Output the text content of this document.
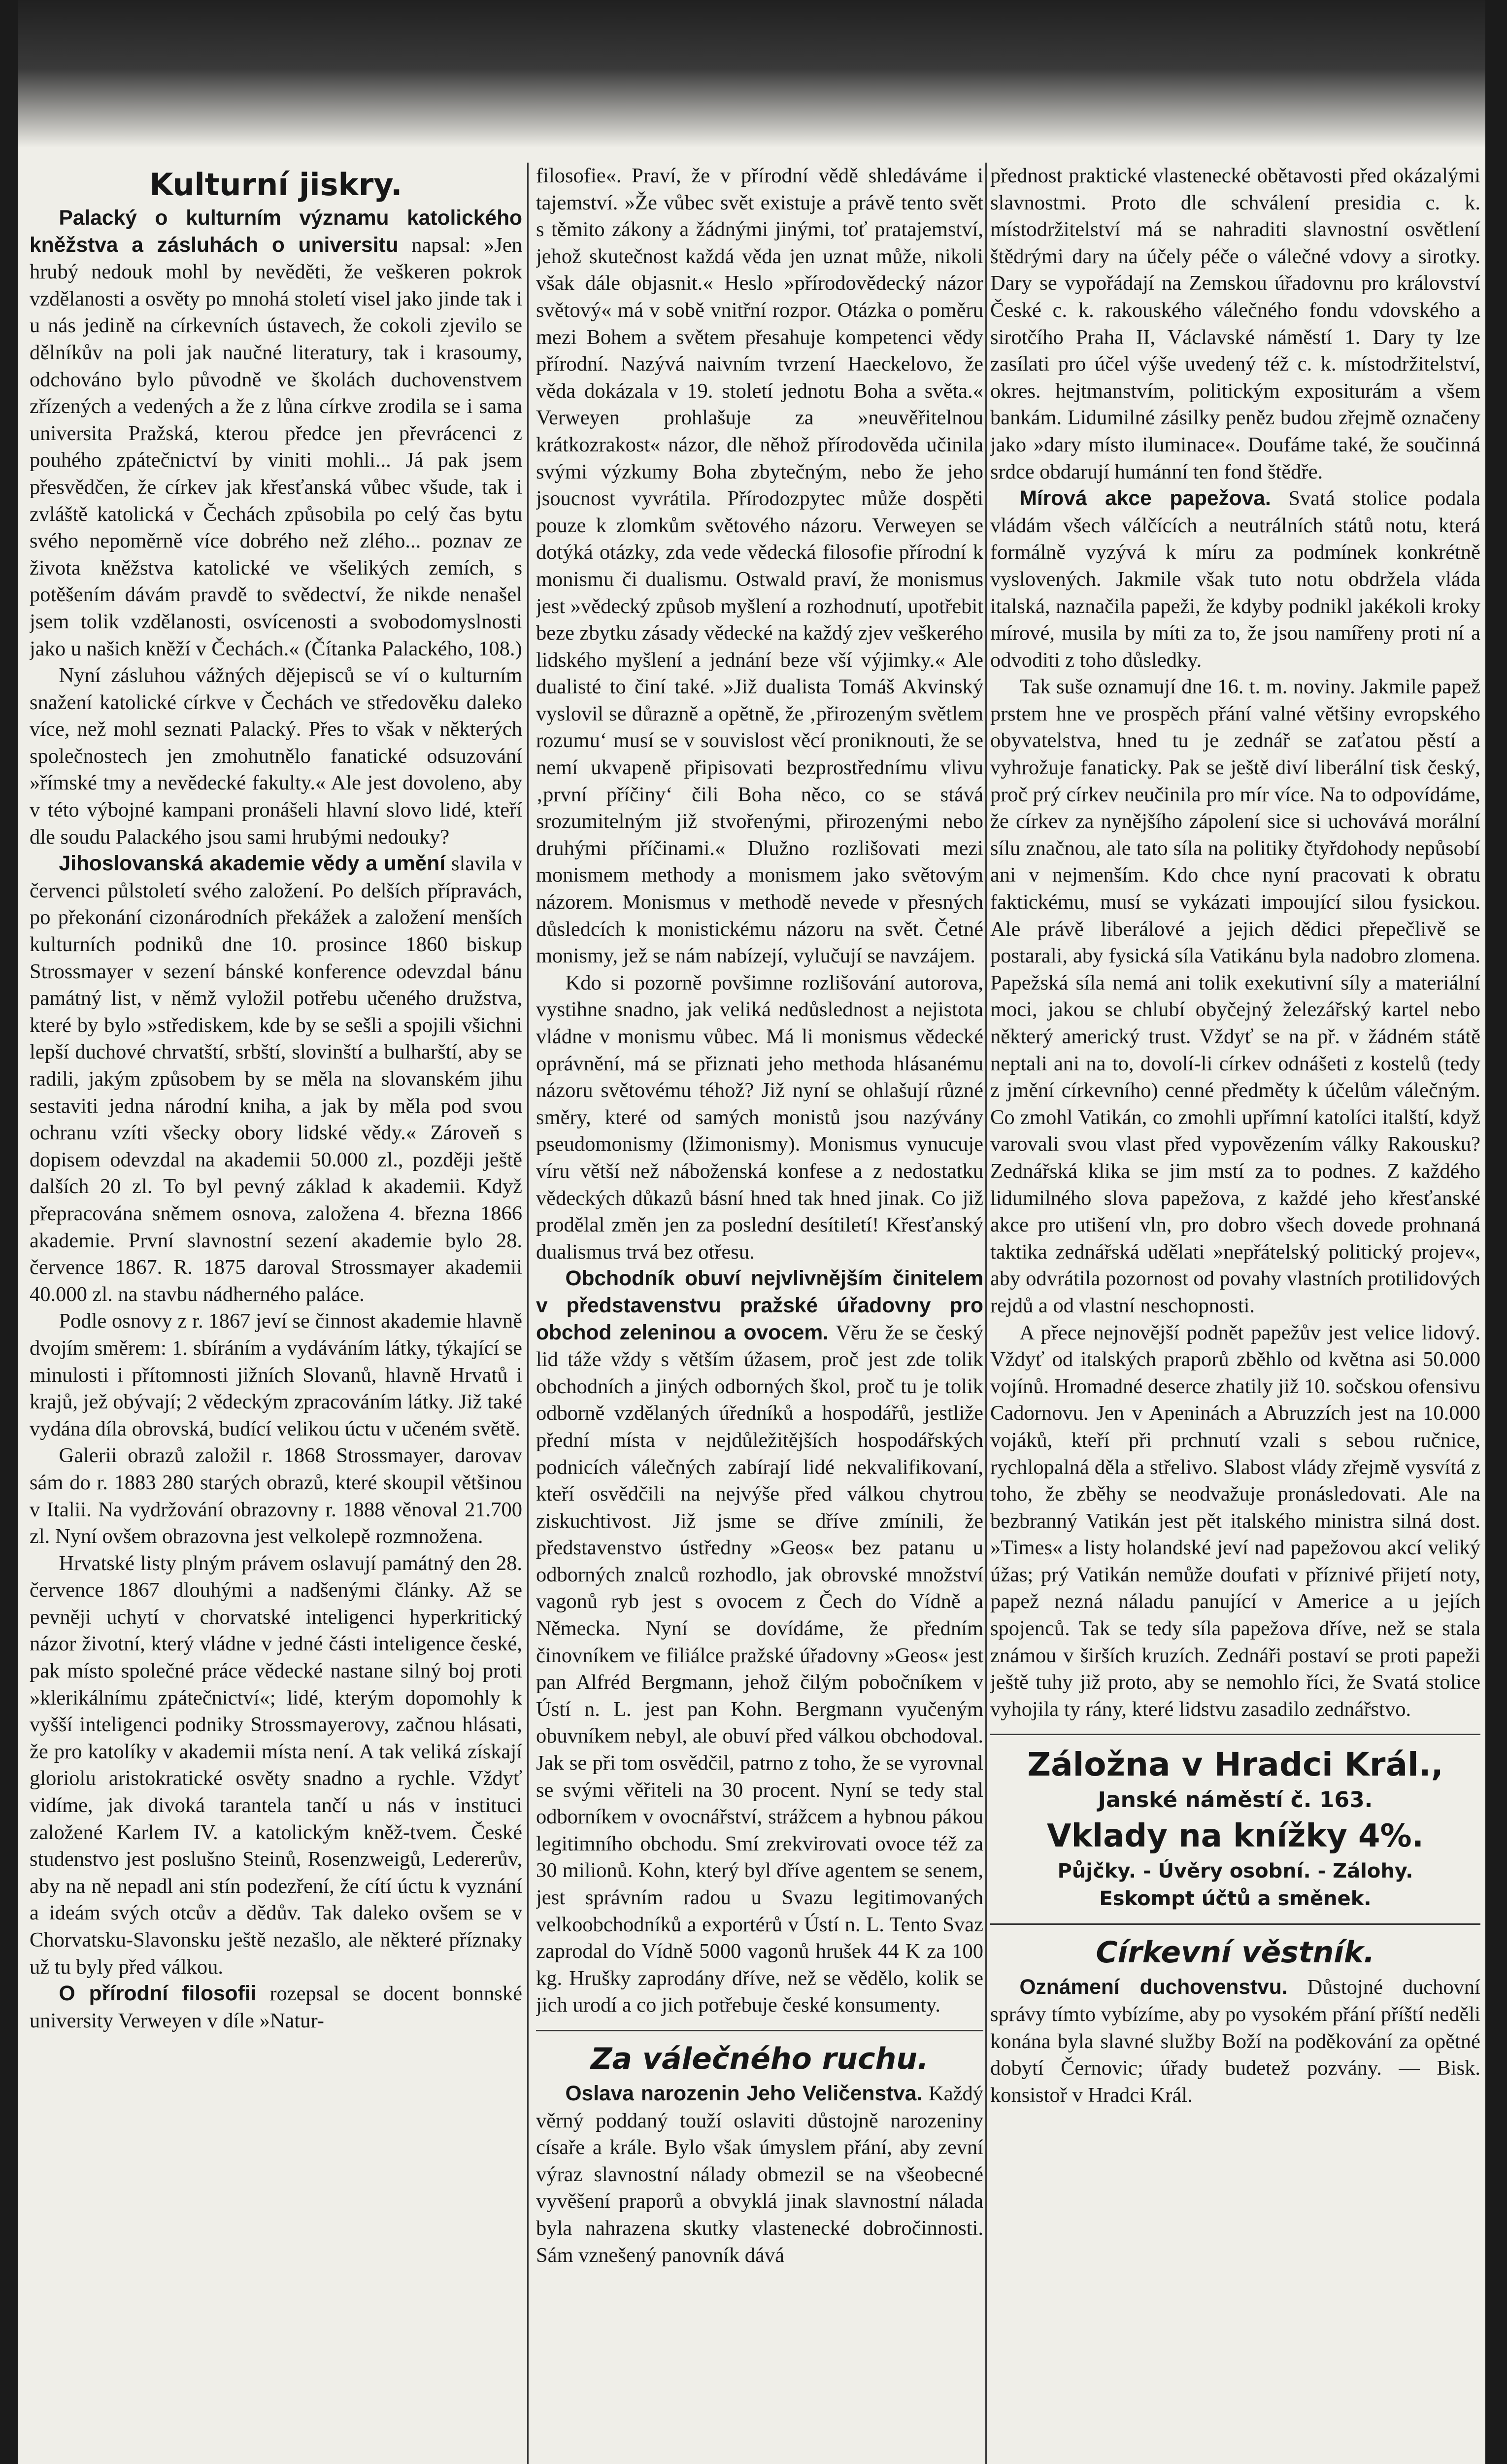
Kulturní jiskry.

Palacký o kulturním významu katolického kněžstva a zásluhách o universitu napsal: »Jen hrubý nedouk mohl by nevěděti, že veškeren pokrok vzdělanosti a osvěty po mnohá století visel jako jinde tak i u nás jedině na církevních ústavech, že cokoli zjevilo se dělníkův na poli jak naučné literatury, tak i krasoumy, odchováno bylo původně ve školách duchovenstvem zřízených a vedených a že z lůna církve zrodila se i sama universita Pražská, kterou předce jen převrácenci z pouhého zpátečnictví by viniti mohli... Já pak jsem přesvědčen, že církev jak křesťanská vůbec všude, tak i zvláště katolická v Čechách způsobila po celý čas bytu svého nepoměrně více dobrého než zlého... poznav ze života kněžstva katolické ve všelikých zemích, s potěšením dávám pravdě to svědectví, že nikde nenašel jsem tolik vzdělanosti, osvícenosti a svobodomyslnosti jako u našich kněží v Čechách.« (Čítanka Palackého, 108.)

Nyní zásluhou vážných dějepisců se ví o kulturním snažení katolické církve v Čechách ve středověku daleko více, než mohl seznati Palacký. Přes to však v některých společnostech jen zmohutnělo fanatické odsuzování »římské tmy a nevědecké fakulty.« Ale jest dovoleno, aby v této výbojné kampani pronášeli hlavní slovo lidé, kteří dle soudu Palackého jsou sami hrubými nedouky?

Jihoslovanská akademie vědy a umění slavila v červenci půlstoletí svého založení. Po delších přípravách, po překonání cizonárodních překážek a založení menších kulturních podniků dne 10. prosince 1860 biskup Strossmayer v sezení bánské konference odevzdal bánu památný list, v němž vyložil potřebu učeného družstva, které by bylo »střediskem, kde by se sešli a spojili všichni lepší duchové chrvatští, srbští, slovinští a bulharští, aby se radili, jakým způsobem by se měla na slovanském jihu sestaviti jedna národní kniha, a jak by měla pod svou ochranu vzíti všecky obory lidské vědy.« Zároveň s dopisem odevzdal na akademii 50.000 zl., později ještě dalších 20 zl. To byl pevný základ k akademii. Když přepracována sněmem osnova, založena 4. března 1866 akademie. První slavnostní sezení akademie bylo 28. července 1867. R. 1875 daroval Strossmayer akademii 40.000 zl. na stavbu nádherného paláce.

Podle osnovy z r. 1867 jeví se činnost akademie hlavně dvojím směrem: 1. sbíráním a vydáváním látky, týkající se minulosti i přítomnosti jižních Slovanů, hlavně Hrvatů i krajů, jež obývají; 2 vědeckým zpracováním látky. Již také vydána díla obrovská, budící velikou úctu v učeném světě.

Galerii obrazů založil r. 1868 Strossmayer, darovav sám do r. 1883 280 starých obrazů, které skoupil většinou v Italii. Na vydržování obrazovny r. 1888 věnoval 21.700 zl. Nyní ovšem obrazovna jest velkolepě rozmnožena.

Hrvatské listy plným právem oslavují památný den 28. července 1867 dlouhými a nadšenými články. Až se pevněji uchytí v chorvatské inteligenci hyperkritický názor životní, který vládne v jedné části inteligence české, pak místo společné práce vědecké nastane silný boj proti »klerikálnímu zpátečnictví«; lidé, kterým dopomohly k vyšší inteligenci podniky Strossmayerovy, začnou hlásati, že pro katolíky v akademii místa není. A tak veliká získají gloriolu aristokratické osvěty snadno a rychle. Vždyť vidíme, jak divoká tarantela tančí u nás v instituci založené Karlem IV. a katolickým kněž-tvem. České studenstvo jest poslušno Steinů, Rosenzweigů, Ledererův, aby na ně nepadl ani stín podezření, že cítí úctu k vyznání a ideám svých otcův a dědův. Tak daleko ovšem se v Chorvatsku-Slavonsku ještě nezašlo, ale některé příznaky už tu byly před válkou.

O přírodní filosofii rozepsal se docent bonnské university Verweyen v díle »Natur-

filosofie«. Praví, že v přírodní vědě shledáváme i tajemství. »Že vůbec svět existuje a právě tento svět s těmito zákony a žádnými jinými, toť pratajemství, jehož skutečnost každá věda jen uznat může, nikoli však dále objasnit.« Heslo »přírodovědecký názor světový« má v sobě vnitřní rozpor. Otázka o poměru mezi Bohem a světem přesahuje kompetenci vědy přírodní. Nazývá naivním tvrzení Haeckelovo, že věda dokázala v 19. století jednotu Boha a světa.« Verweyen prohlašuje za »neuvěřitelnou krátkozrakost« názor, dle něhož přírodověda učinila svými výzkumy Boha zbytečným, nebo že jeho jsoucnost vyvrátila. Přírodozpytec může dospěti pouze k zlomkům světového názoru. Verweyen se dotýká otázky, zda vede vědecká filosofie přírodní k monismu či dualismu. Ostwald praví, že monismus jest »vědecký způsob myšlení a rozhodnutí, upotřebit beze zbytku zásady vědecké na každý zjev veškerého lidského myšlení a jednání beze vší výjimky.« Ale dualisté to činí také. »Již dualista Tomáš Akvinský vyslovil se důrazně a opětně, že ‚přirozeným světlem rozumu‘ musí se v souvislost věcí proniknouti, že se nemí ukvapeně připisovati bezprostřednímu vlivu ‚první příčiny‘ čili Boha něco, co se stává srozumitelným již stvořenými, přirozenými nebo druhými příčinami.« Dlužno rozlišovati mezi monismem methody a monismem jako světovým názorem. Monismus v methodě nevede v přesných důsledcích k monistickému názoru na svět. Četné monismy, jež se nám nabízejí, vylučují se navzájem.

Kdo si pozorně povšimne rozlišování autorova, vystihne snadno, jak veliká nedůslednost a nejistota vládne v monismu vůbec. Má li monismus vědecké oprávnění, má se přiznati jeho methoda hlásanému názoru světovému téhož? Již nyní se ohlašují různé směry, které od samých monistů jsou nazývány pseudomonismy (lžimonismy). Monismus vynucuje víru větší než náboženská konfese a z nedostatku vědeckých důkazů básní hned tak hned jinak. Co již prodělal změn jen za poslední desítiletí! Křesťanský dualismus trvá bez otřesu.

Obchodník obuví nejvlivnějším činitelem v představenstvu pražské úřadovny pro obchod zeleninou a ovocem. Věru že se český lid táže vždy s větším úžasem, proč jest zde tolik obchodních a jiných odborných škol, proč tu je tolik odborně vzdělaných úředníků a hospodářů, jestliže přední místa v nejdůležitějších hospodářských podnicích válečných zabírají lidé nekvalifikovaní, kteří osvědčili na nejvýše před válkou chytrou ziskuchtivost. Již jsme se dříve zmínili, že představenstvo ústředny »Geos« bez patanu u odborných znalců rozhodlo, jak obrovské množství vagonů ryb jest s ovocem z Čech do Vídně a Německa. Nyní se dovídáme, že předním činovníkem ve filiálce pražské úřadovny »Geos« jest pan Alfréd Bergmann, jehož čilým pobočníkem v Ústí n. L. jest pan Kohn. Bergmann vyučeným obuvníkem nebyl, ale obuví před válkou obchodoval. Jak se při tom osvědčil, patrno z toho, že se vyrovnal se svými věřiteli na 30 procent. Nyní se tedy stal odborníkem v ovocnářství, strážcem a hybnou pákou legitimního obchodu. Smí zrekvirovati ovoce též za 30 milionů. Kohn, který byl dříve agentem se senem, jest správním radou u Svazu legitimovaných velkoobchodníků a exportérů v Ústí n. L. Tento Svaz zaprodal do Vídně 5000 vagonů hrušek 44 K za 100 kg. Hrušky zaprodány dříve, než se vědělo, kolik se jich urodí a co jich potřebuje české konsumenty.

Za válečného ruchu.

Oslava narozenin Jeho Veličenstva. Každý věrný poddaný touží oslaviti důstojně narozeniny císaře a krále. Bylo však úmyslem přání, aby zevní výraz slavnostní nálady obmezil se na všeobecné vyvěšení praporů a obvyklá jinak slavnostní nálada byla nahrazena skutky vlastenecké dobročinnosti. Sám vznešený panovník dává

přednost praktické vlastenecké obětavosti před okázalými slavnostmi. Proto dle schválení presidia c. k. místodržitelství má se nahraditi slavnostní osvětlení štědrými dary na účely péče o válečné vdovy a sirotky. Dary se vypořádají na Zemskou úřadovnu pro království České c. k. rakouského válečného fondu vdovského a sirotčího Praha II, Václavské náměstí 1. Dary ty lze zasílati pro účel výše uvedený též c. k. místodržitelství, okres. hejtmanstvím, politickým expositurám a všem bankám. Lidumilné zásilky peněz budou zřejmě označeny jako »dary místo iluminace«. Doufáme také, že součinná srdce obdarují humánní ten fond štědře.

Mírová akce papežova. Svatá stolice podala vládám všech válčících a neutrálních států notu, která formálně vyzývá k míru za podmínek konkrétně vyslovených. Jakmile však tuto notu obdržela vláda italská, naznačila papeži, že kdyby podnikl jakékoli kroky mírové, musila by míti za to, že jsou namířeny proti ní a odvoditi z toho důsledky.

Tak suše oznamují dne 16. t. m. noviny. Jakmile papež prstem hne ve prospěch přání valné většiny evropského obyvatelstva, hned tu je zednář se zaťatou pěstí a vyhrožuje fanaticky. Pak se ještě diví liberální tisk český, proč prý církev neučinila pro mír více. Na to odpovídáme, že církev za nynějšího zápolení sice si uchovává morální sílu značnou, ale tato síla na politiky čtyřdohody nepůsobí ani v nejmenším. Kdo chce nyní pracovati k obratu faktickému, musí se vykázati impoující silou fysickou. Ale právě liberálové a jejich dědici přepečlivě se postarali, aby fysická síla Vatikánu byla nadobro zlomena. Papežská síla nemá ani tolik exekutivní síly a materiální moci, jakou se chlubí obyčejný železářský kartel nebo některý americký trust. Vždyť se na př. v žádném státě neptali ani na to, dovolí-li církev odnášeti z kostelů (tedy z jmění církevního) cenné předměty k účelům válečným. Co zmohl Vatikán, co zmohli upřímní katolíci italští, když varovali svou vlast před vypovězením války Rakousku? Zednářská klika se jim mstí za to podnes. Z každého lidumilného slova papežova, z každé jeho křesťanské akce pro utišení vln, pro dobro všech dovede prohnaná taktika zednářská udělati »nepřátelský politický projev«, aby odvrátila pozornost od povahy vlastních protilidových rejdů a od vlastní neschopnosti.

A přece nejnovější podnět papežův jest velice lidový. Vždyť od italských praporů zběhlo od května asi 50.000 vojínů. Hromadné deserce zhatily již 10. sočskou ofensivu Cadornovu. Jen v Apeninách a Abruzzích jest na 10.000 vojáků, kteří při prchnutí vzali s sebou ručnice, rychlopalná děla a střelivo. Slabost vlády zřejmě vysvítá z toho, že zběhy se neodvažuje pronásledovati. Ale na bezbranný Vatikán jest pět italského ministra silná dost. »Times« a listy holandské jeví nad papežovou akcí veliký úžas; prý Vatikán nemůže doufati v příznivé přijetí noty, papež nezná náladu panující v Americe a u jejích spojenců. Tak se tedy síla papežova dříve, než se stala známou v širších kruzích. Zednáři postaví se proti papeži ještě tuhy již proto, aby se nemohlo říci, že Svatá stolice vyhojila ty rány, které lidstvu zasadilo zednářstvo.

Záložna v Hradci Král.,
Janské náměstí č. 163.
Vklady na knížky 4%.
Půjčky. - Úvěry osobní. - Zálohy.
Eskompt účtů a směnek.
Církevní věstník.

Oznámení duchovenstvu. Důstojné duchovní správy tímto vybízíme, aby po vysokém přání příští neděli konána byla slavné služby Boží na poděkování za opětné dobytí Černovic; úřady budetež pozvány. — Bisk. konsistoř v Hradci Král.
